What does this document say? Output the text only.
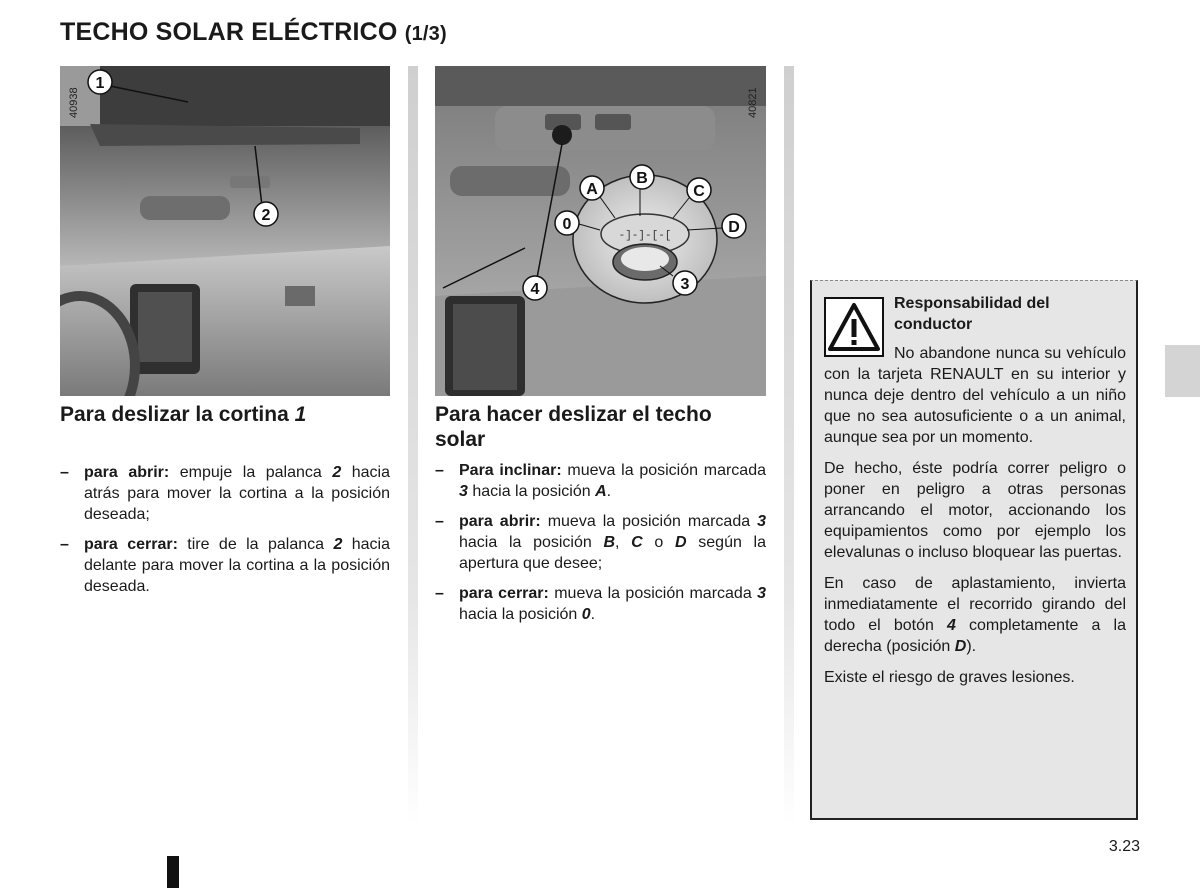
TECHO SOLAR ELÉCTRICO (1/3)
1
2
40938
-]-]-[-[
A
B
C
0	D
3
4
40821
Para deslizar la cortina 1
– para abrir: empuje la palanca 2 hacia atrás para mover la cortina a la posición deseada;
– para cerrar: tire de la palanca 2 hacia delante para mover la cortina a la posición deseada.
Para hacer deslizar el techo solar
– Para inclinar: mueva la posición marcada 3 hacia la posición A.
– para abrir: mueva la posición marcada 3 hacia la posición B, C o D según la apertura que desee;
– para cerrar: mueva la posición marcada 3 hacia la posición 0.

Responsabilidad del conductor

No abandone nunca su vehículo con la tarjeta RENAULT en su interior y nunca deje dentro del vehículo a un niño que no sea autosuficiente o a un animal, aunque sea por un momento.

De hecho, éste podría correr peligro o poner en peligro a otras personas arrancando el motor, accionando los equipamientos como por ejemplo los elevalunas o incluso bloquear las puertas.

En caso de aplastamiento, invierta inmediatamente el recorrido girando del todo el botón 4 completamente a la derecha (posición D).

Existe el riesgo de graves lesiones.

3.23
